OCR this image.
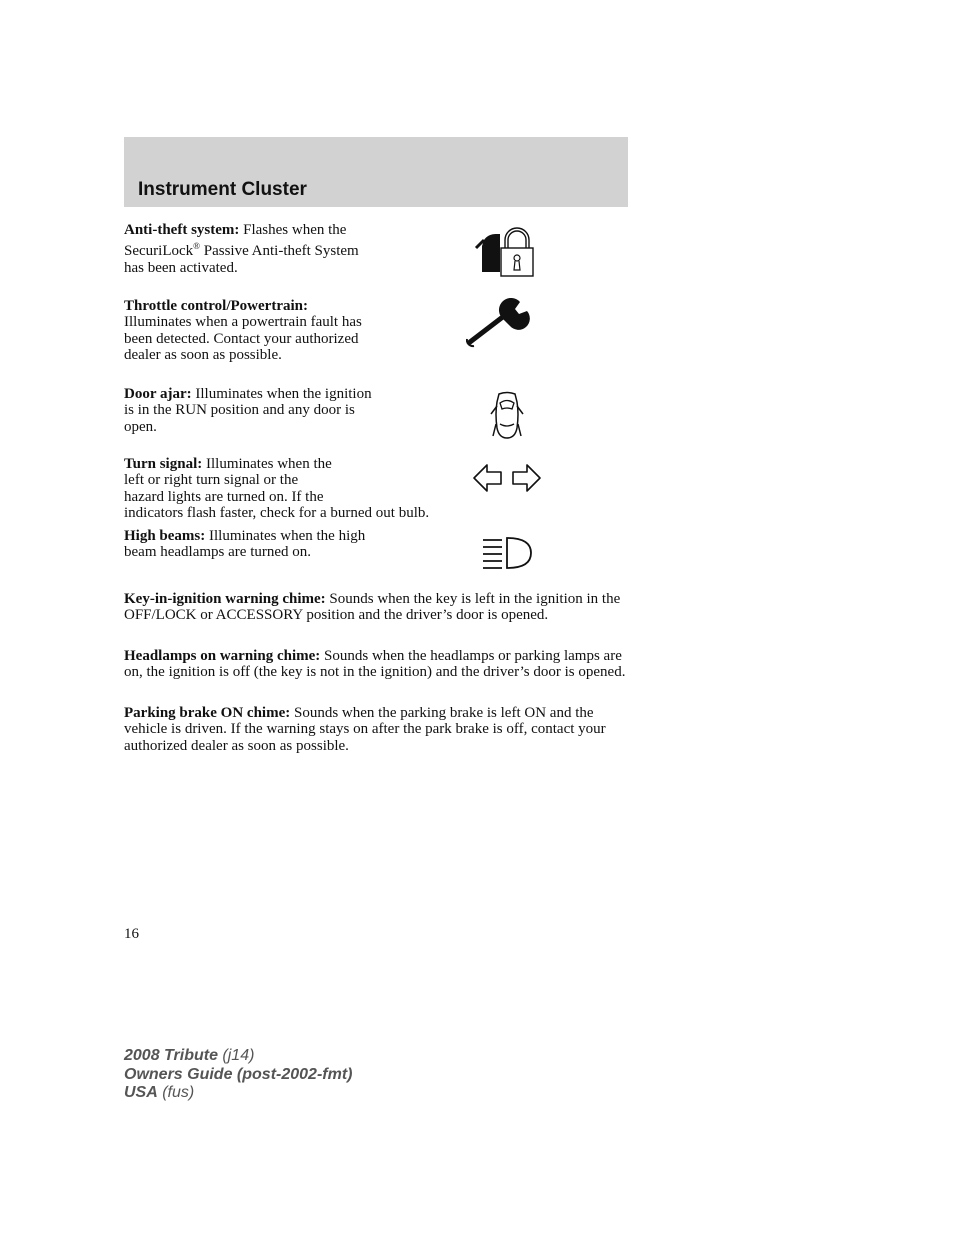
Instrument Cluster
Anti-theft system: Flashes when the SecuriLock® Passive Anti-theft System has been activated.
Throttle control/Powertrain:
Illuminates when a powertrain fault has been detected. Contact your authorized dealer as soon as possible.
Door ajar: Illuminates when the ignition is in the RUN position and any door is open.
Turn signal: Illuminates when the
left or right turn signal or the
hazard lights are turned on. If the
indicators flash faster, check for a burned out bulb.
High beams: Illuminates when the high beam headlamps are turned on.
Key-in-ignition warning chime: Sounds when the key is left in the ignition in the OFF/LOCK or ACCESSORY position and the driver’s door is opened.
Headlamps on warning chime: Sounds when the headlamps or parking lamps are on, the ignition is off (the key is not in the ignition) and the driver’s door is opened.
Parking brake ON chime: Sounds when the parking brake is left ON and the vehicle is driven. If the warning stays on after the park brake is off, contact your authorized dealer as soon as possible.
16
2008 Tribute (j14)
Owners Guide (post-2002-fmt)
USA (fus)
